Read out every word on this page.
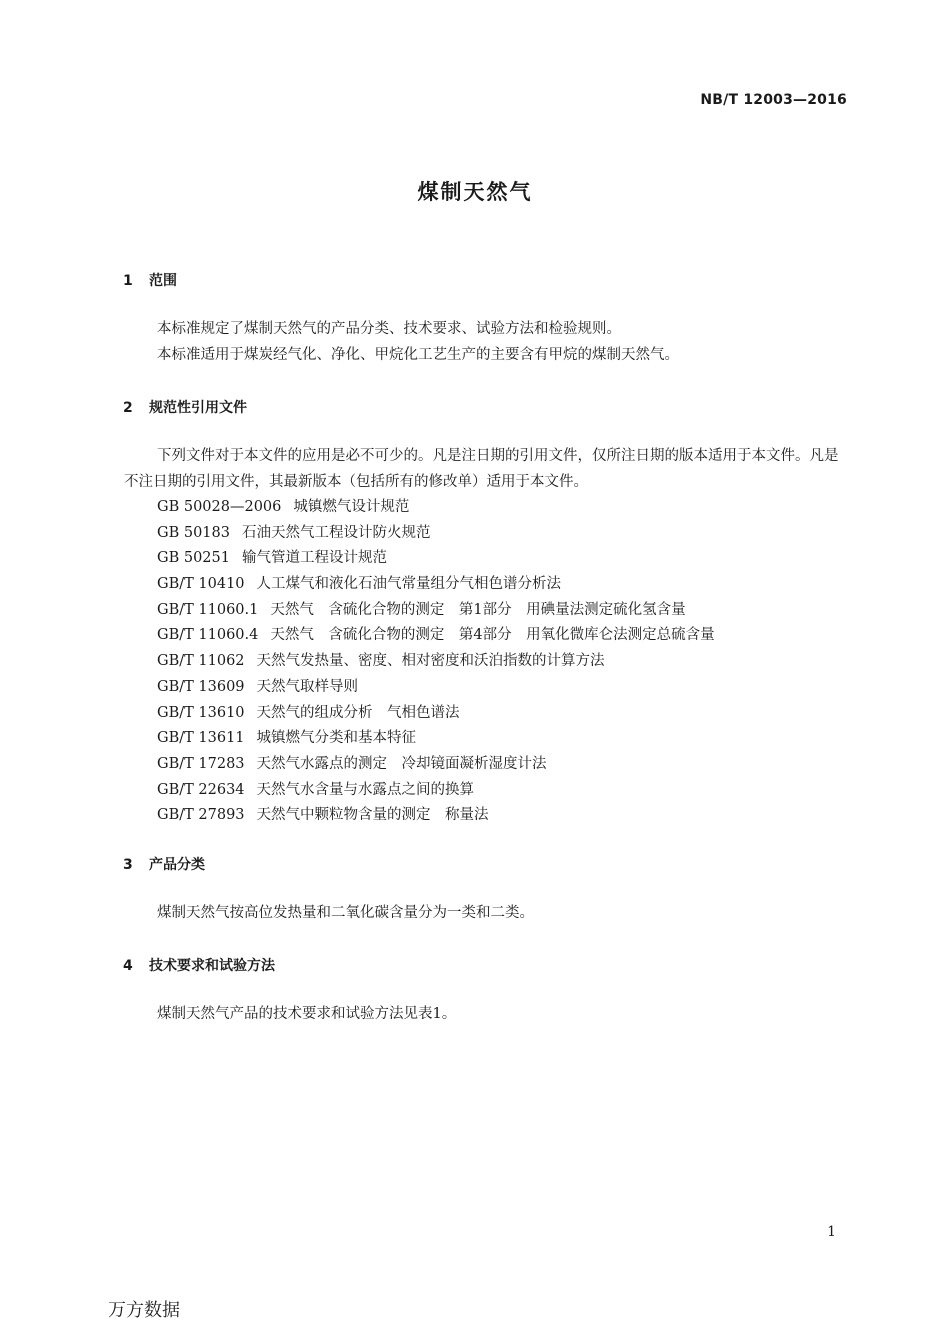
NB/T 12003—2016
煤制天然气
1 范围
本标准规定了煤制天然气的产品分类、技术要求、试验方法和检验规则。
本标准适用于煤炭经气化、净化、甲烷化工艺生产的主要含有甲烷的煤制天然气。
2 规范性引用文件
下列文件对于本文件的应用是必不可少的。凡是注日期的引用文件，仅所注日期的版本适用于本文件。凡是不注日期的引用文件，其最新版本（包括所有的修改单）适用于本文件。
GB 50028—2006 城镇燃气设计规范
GB 50183 石油天然气工程设计防火规范
GB 50251 输气管道工程设计规范
GB/T 10410 人工煤气和液化石油气常量组分气相色谱分析法
GB/T 11060.1 天然气　含硫化合物的测定　第1部分　用碘量法测定硫化氢含量
GB/T 11060.4 天然气　含硫化合物的测定　第4部分　用氧化微库仑法测定总硫含量
GB/T 11062 天然气发热量、密度、相对密度和沃泊指数的计算方法
GB/T 13609 天然气取样导则
GB/T 13610 天然气的组成分析　气相色谱法
GB/T 13611 城镇燃气分类和基本特征
GB/T 17283 天然气水露点的测定　冷却镜面凝析湿度计法
GB/T 22634 天然气水含量与水露点之间的换算
GB/T 27893 天然气中颗粒物含量的测定　称量法
3 产品分类
煤制天然气按高位发热量和二氧化碳含量分为一类和二类。
4 技术要求和试验方法
煤制天然气产品的技术要求和试验方法见表1。
1
万方数据
